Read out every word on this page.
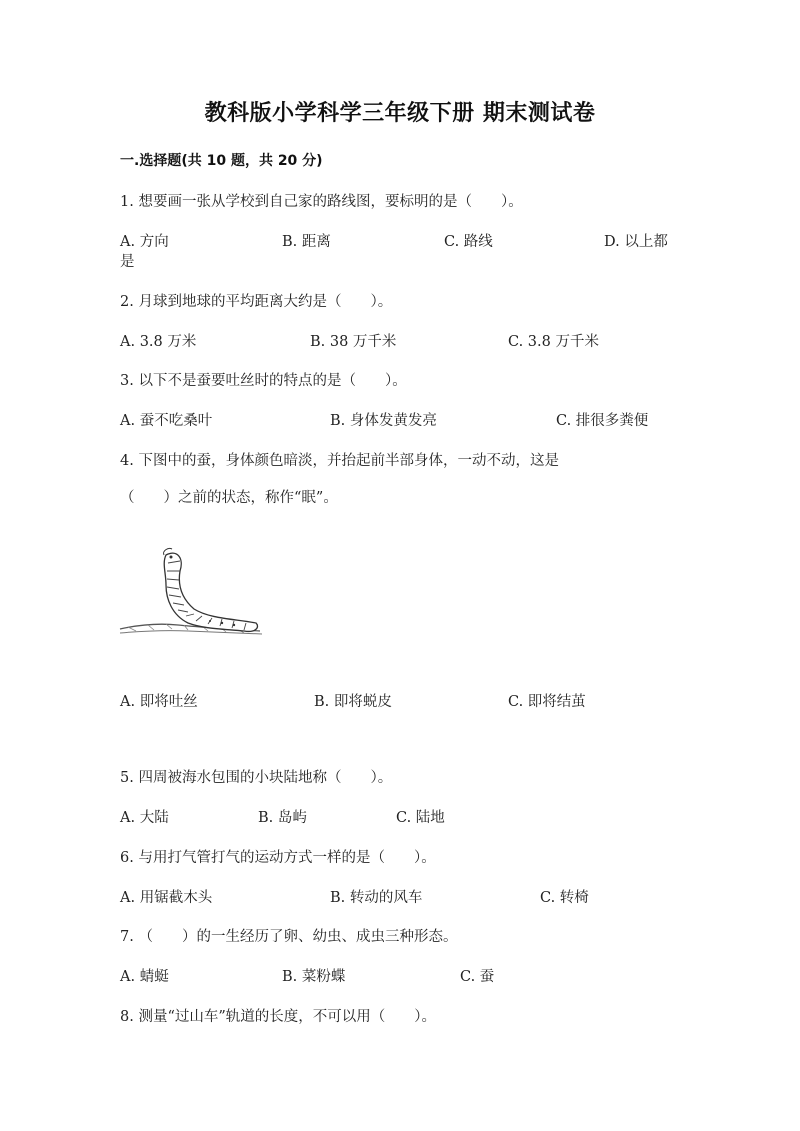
教科版小学科学三年级下册 期末测试卷
一.选择题(共 10 题，共 20 分)
1. 想要画一张从学校到自己家的路线图，要标明的是（　　）。
A. 方向	B. 距离	C. 路线	D. 以上都
是
2. 月球到地球的平均距离大约是（　　）。
A. 3.8 万米	B. 38 万千米	C. 3.8 万千米
3. 以下不是蚕要吐丝时的特点的是（　　）。
A. 蚕不吃桑叶	B. 身体发黄发亮	C. 排很多粪便
4. 下图中的蚕，身体颜色暗淡，并抬起前半部身体，一动不动，这是
（　　）之前的状态，称作“眠”。
A. 即将吐丝	B. 即将蜕皮	C. 即将结茧
5. 四周被海水包围的小块陆地称（　　）。
A. 大陆	B. 岛屿	C. 陆地
6. 与用打气管打气的运动方式一样的是（　　）。
A. 用锯截木头	B. 转动的风车	C. 转椅
7. （　　）的一生经历了卵、幼虫、成虫三种形态。
A. 蜻蜓	B. 菜粉蝶	C. 蚕
8. 测量“过山车”轨道的长度，不可以用（　　）。
